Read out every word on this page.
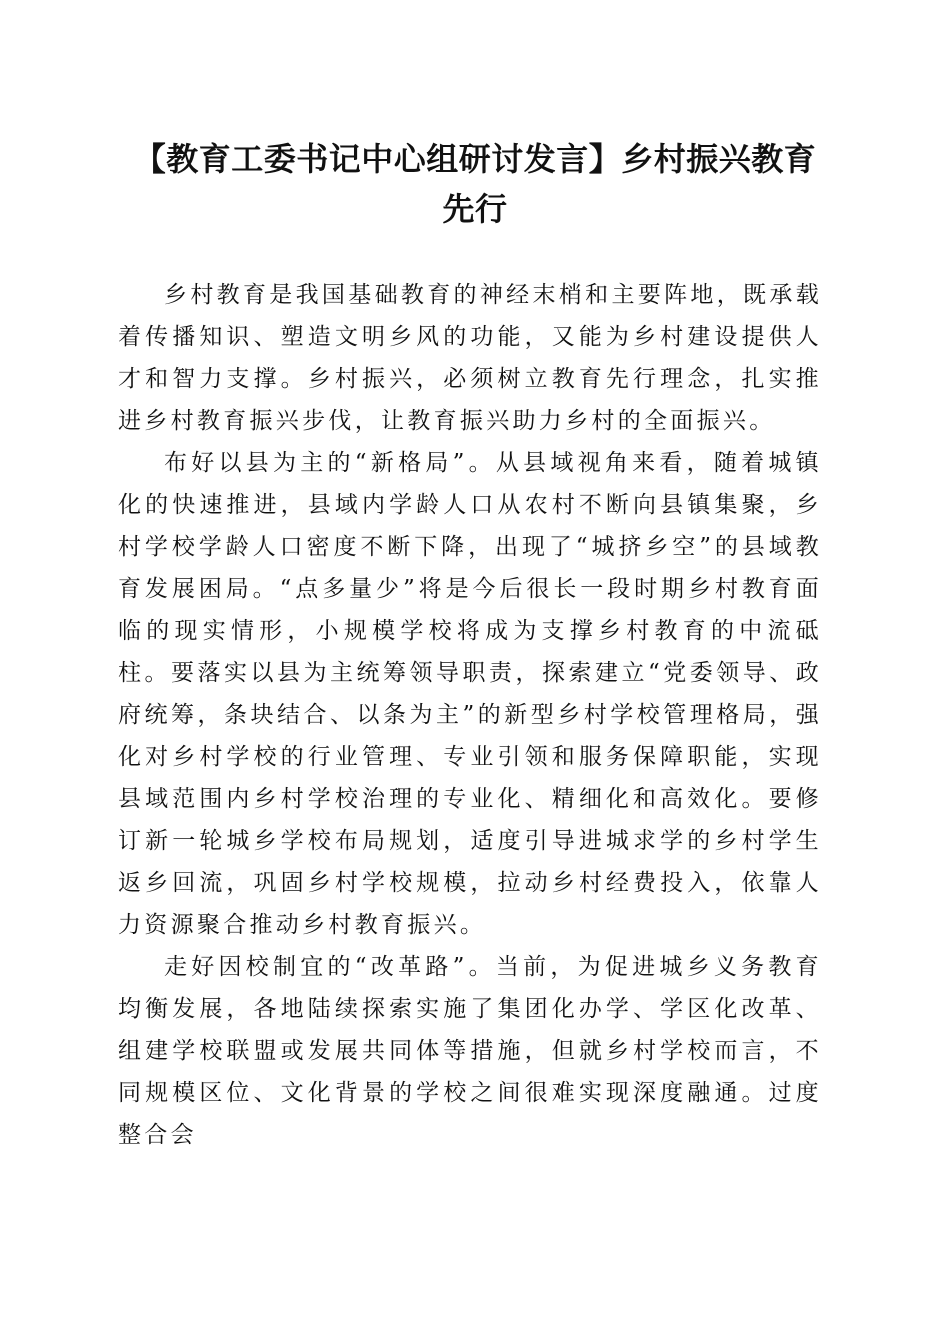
【教育工委书记中心组研讨发言】乡村振兴教育先行

乡村教育是我国基础教育的神经末梢和主要阵地，既承载着传播知识、塑造文明乡风的功能，又能为乡村建设提供人才和智力支撑。乡村振兴，必须树立教育先行理念，扎实推进乡村教育振兴步伐，让教育振兴助力乡村的全面振兴。

布好以县为主的“新格局”。从县域视角来看，随着城镇化的快速推进，县域内学龄人口从农村不断向县镇集聚，乡村学校学龄人口密度不断下降，出现了“城挤乡空”的县域教育发展困局。“点多量少”将是今后很长一段时期乡村教育面临的现实情形，小规模学校将成为支撑乡村教育的中流砥柱。要落实以县为主统筹领导职责，探索建立“党委领导、政府统筹，条块结合、以条为主”的新型乡村学校管理格局，强化对乡村学校的行业管理、专业引领和服务保障职能，实现县域范围内乡村学校治理的专业化、精细化和高效化。要修订新一轮城乡学校布局规划，适度引导进城求学的乡村学生返乡回流，巩固乡村学校规模，拉动乡村经费投入，依靠人力资源聚合推动乡村教育振兴。

走好因校制宜的“改革路”。当前，为促进城乡义务教育均衡发展，各地陆续探索实施了集团化办学、学区化改革、组建学校联盟或发展共同体等措施，但就乡村学校而言，不同规模区位、文化背景的学校之间很难实现深度融通。过度整合会
